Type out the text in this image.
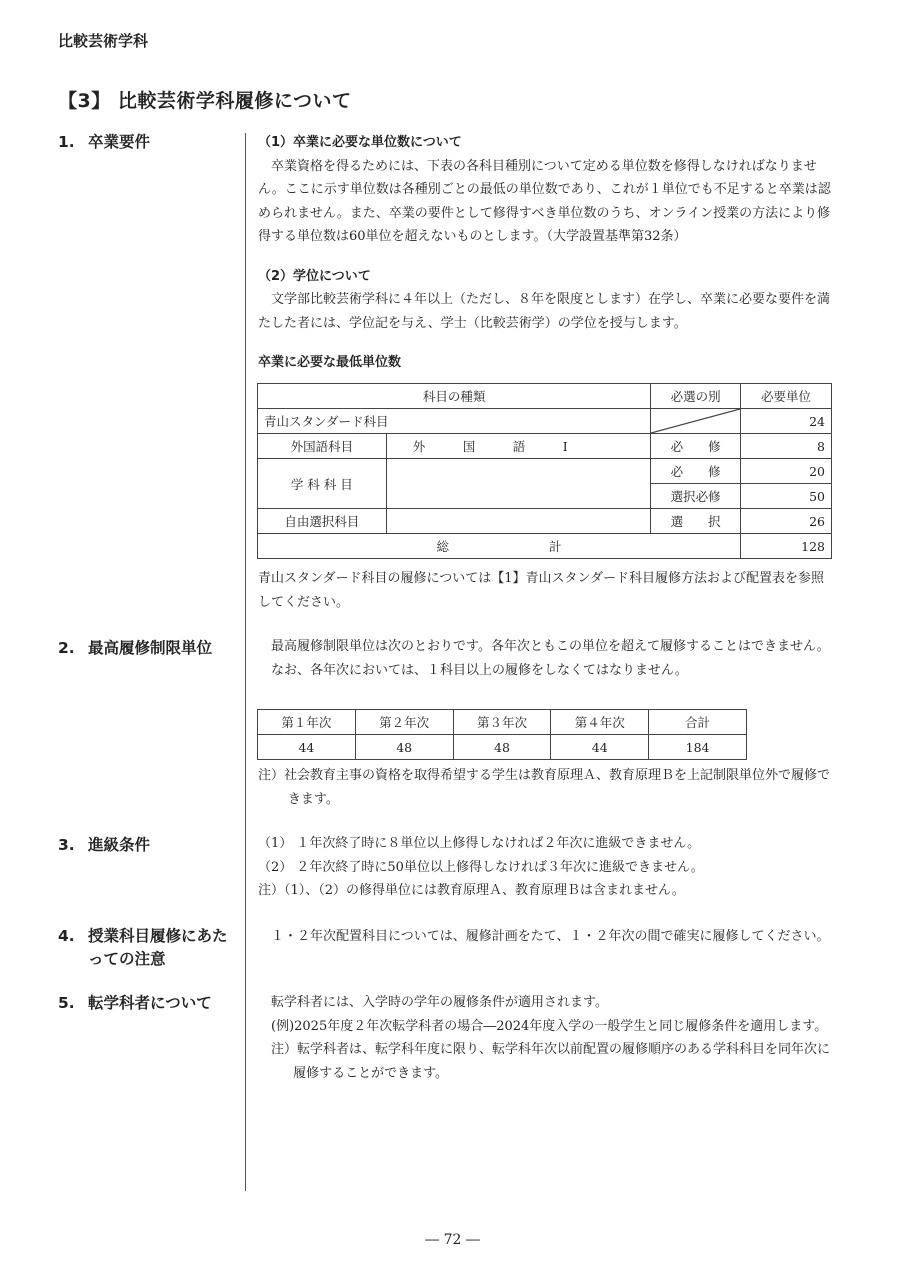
比較芸術学科
【3】 比較芸術学科履修について
1. 卒業要件
2. 最高履修制限単位
3. 進級条件
4. 授業科目履修にあた
っての注意
5. 転学科者について

（1）卒業に必要な単位数について

卒業資格を得るためには、下表の各科目種別について定める単位数を修得しなければなりません。ここに示す単位数は各種別ごとの最低の単位数であり、これが１単位でも不足すると卒業は認められません。また、卒業の要件として修得すべき単位数のうち、オンライン授業の方法により修得する単位数は60単位を超えないものとします。（大学設置基準第32条）

（2）学位について

文学部比較芸術学科に４年以上（ただし、８年を限度とします）在学し、卒業に必要な要件を満たした者には、学位記を与え、学士（比較芸術学）の学位を授与します。

卒業に必要な最低単位数

科目の種類		必選の別	必要単位
青山スタンダード科目			24
外国語科目	外　　　国　　　語　　　Ⅰ	必　　修	8
学 科 科 目		必　　修	20
		選択必修	50
自由選択科目		選　　択	26
総　　　　　　　　計			128

青山スタンダード科目の履修については【1】青山スタンダード科目履修方法および配置表を参照してください。

最高履修制限単位は次のとおりです。各年次ともこの単位を超えて履修することはできません。

なお、各年次においては、１科目以上の履修をしなくてはなりません。

第１年次	第２年次	第３年次	第４年次	合計
44	48	48	44	184

注）社会教育主事の資格を取得希望する学生は教育原理Ａ、教育原理Ｂを上記制限単位外で履修できます。

（1） １年次終了時に８単位以上修得しなければ２年次に進級できません。

（2） ２年次終了時に50単位以上修得しなければ３年次に進級できません。

注）（1）、（2）の修得単位には教育原理Ａ、教育原理Ｂは含まれません。

１・２年次配置科目については、履修計画をたて、１・２年次の間で確実に履修してください。

転学科者には、入学時の学年の履修条件が適用されます。

(例)2025年度２年次転学科者の場合―2024年度入学の一般学生と同じ履修条件を適用します。

注）転学科者は、転学科年度に限り、転学科年次以前配置の履修順序のある学科科目を同年次に履修することができます。

― 72 ―
